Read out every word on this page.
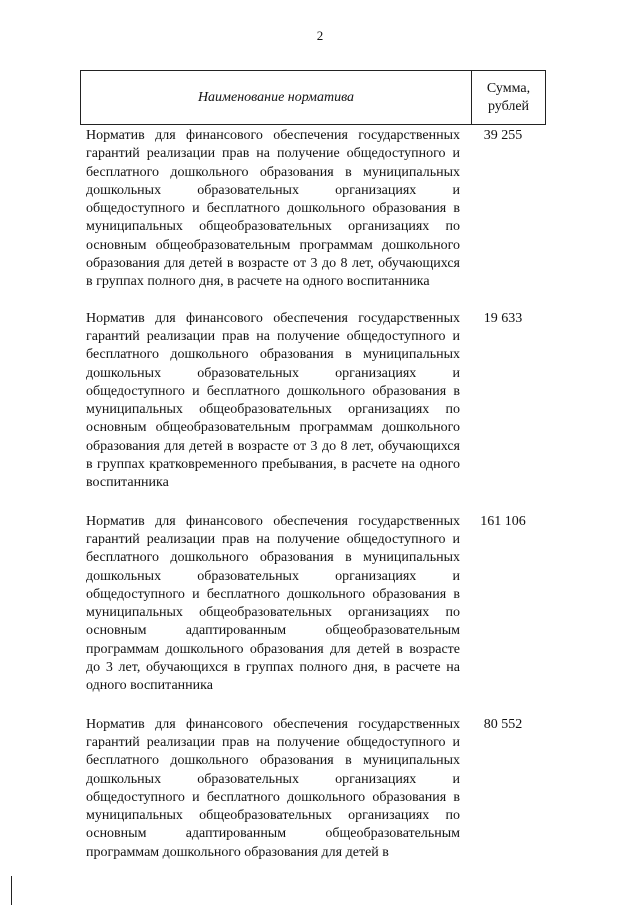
2
Наименование норматива
Сумма,
рублей
Норматив для финансового обеспечения государственных гарантий реализации прав на получение общедоступного и бесплатного дошкольного образования в муниципальных дошкольных образовательных организациях и общедоступного и бесплатного дошкольного образования в муниципальных общеобразовательных организациях по основным общеобразовательным программам дошкольного образования для детей в возрасте от 3 до 8 лет, обучающихся в группах полного дня, в расчете на одного воспитанника
39 255
Норматив для финансового обеспечения государственных гарантий реализации прав на получение общедоступного и бесплатного дошкольного образования в муниципальных дошкольных образовательных организациях и общедоступного и бесплатного дошкольного образования в муниципальных общеобразовательных организациях по основным общеобразовательным программам дошкольного образования для детей в возрасте от 3 до 8 лет, обучающихся в группах кратковременного пребывания, в расчете на одного воспитанника
19 633
Норматив для финансового обеспечения государственных гарантий реализации прав на получение общедоступного и бесплатного дошкольного образования в муниципальных дошкольных образовательных организациях и общедоступного и бесплатного дошкольного образования в муниципальных общеобразовательных организациях по основным адаптированным общеобразовательным программам дошкольного образования для детей в возрасте до 3 лет, обучающихся в группах полного дня, в расчете на одного воспитанника
161 106
Норматив для финансового обеспечения государственных гарантий реализации прав на получение общедоступного и бесплатного дошкольного образования в муниципальных дошкольных образовательных организациях и общедоступного и бесплатного дошкольного образования в муниципальных общеобразовательных организациях по основным адаптированным общеобразовательным программам дошкольного образования для детей в
80 552
